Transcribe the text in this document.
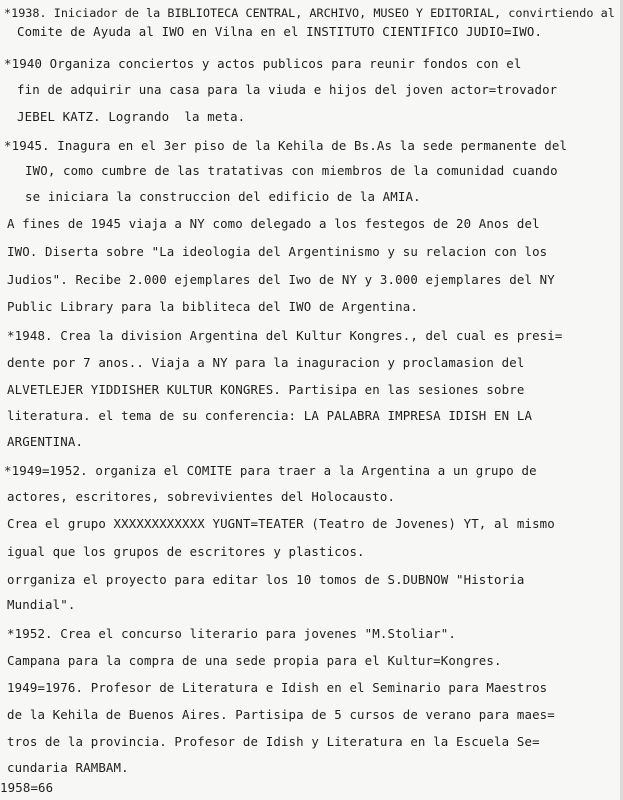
*1938. Iniciador de la BIBLIOTECA CENTRAL, ARCHIVO, MUSEO Y EDITORIAL, convirtiendo al
Comite de Ayuda al IWO en Vilna en el INSTITUTO CIENTIFICO JUDIO=IWO.
*1940 Organiza conciertos y actos publicos para reunir fondos con el
fin de adquirir una casa para la viuda e hijos del joven actor=trovador
JEBEL KATZ. Logrando  la meta.
*1945. Inagura en el 3er piso de la Kehila de Bs.As la sede permanente del
IWO, como cumbre de las tratativas con miembros de la comunidad cuando
se iniciara la construccion del edificio de la AMIA.
A fines de 1945 viaja a NY como delegado a los festegos de 20 Anos del
IWO. Diserta sobre "La ideologia del Argentinismo y su relacion con los
Judios". Recibe 2.000 ejemplares del Iwo de NY y 3.000 ejemplares del NY
Public Library para la bibliteca del IWO de Argentina.
*1948. Crea la division Argentina del Kultur Kongres., del cual es presi=
dente por 7 anos.. Viaja a NY para la inaguracion y proclamasion del
ALVETLEJER YIDDISHER KULTUR KONGRES. Partisipa en las sesiones sobre
literatura. el tema de su conferencia: LA PALABRA IMPRESA IDISH EN LA
ARGENTINA.
*1949=1952. organiza el COMITE para traer a la Argentina a un grupo de
actores, escritores, sobrevivientes del Holocausto.
Crea el grupo XXXXXXXXXXXX YUGNT=TEATER (Teatro de Jovenes) YT, al mismo
igual que los grupos de escritores y plasticos.
orrganiza el proyecto para editar los 10 tomos de S.DUBNOW "Historia
Mundial".
*1952. Crea el concurso literario para jovenes "M.Stoliar".
Campana para la compra de una sede propia para el Kultur=Kongres.
1949=1976. Profesor de Literatura e Idish en el Seminario para Maestros
de la Kehila de Buenos Aires. Partisipa de 5 cursos de verano para maes=
tros de la provincia. Profesor de Idish y Literatura en la Escuela Se=
cundaria RAMBAM.
1958=66
